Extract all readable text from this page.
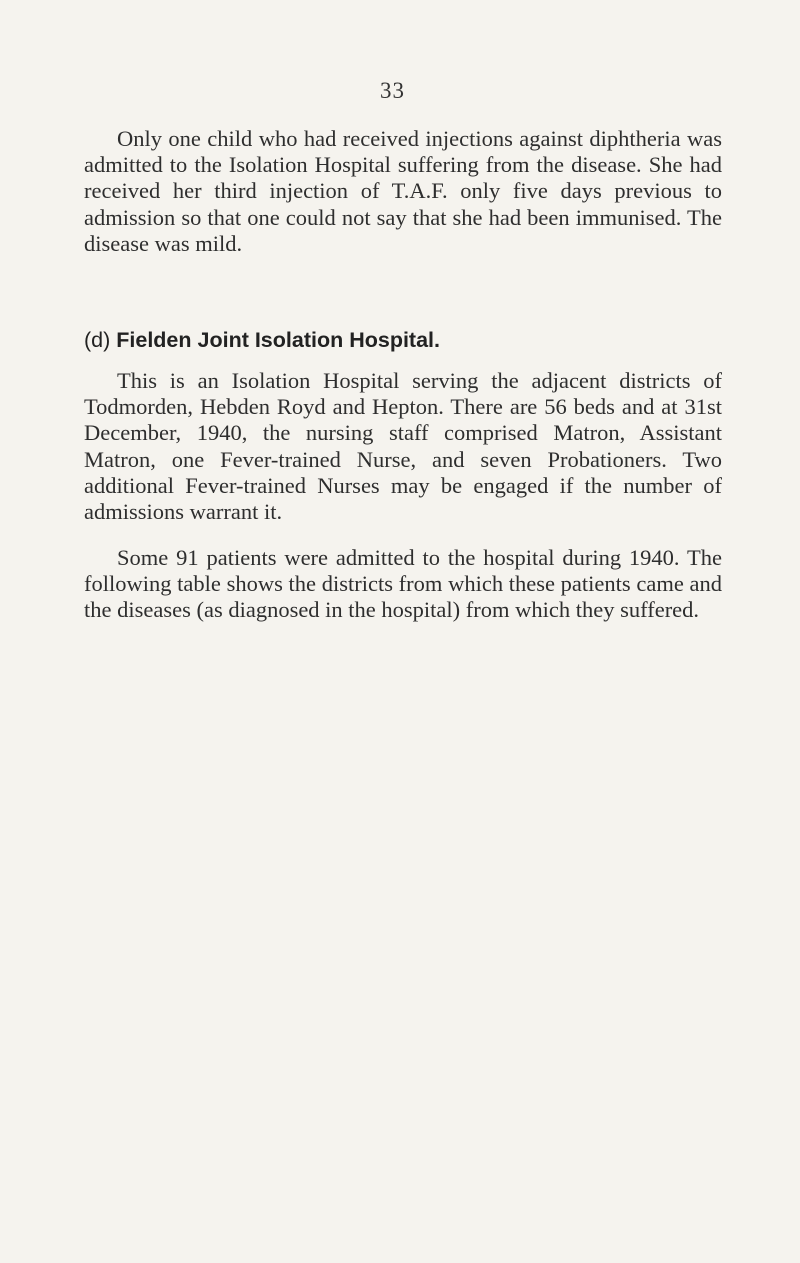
33

Only one child who had received injections against diphtheria was admitted to the Isolation Hospital suffering from the disease. She had received her third injection of T.A.F. only five days previous to admission so that one could not say that she had been immunised. The disease was mild.

(d) Fielden Joint Isolation Hospital.

This is an Isolation Hospital serving the adjacent districts of Todmorden, Hebden Royd and Hepton. There are 56 beds and at 31st December, 1940, the nursing staff comprised Matron, Assistant Matron, one Fever-trained Nurse, and seven Probationers. Two additional Fever-trained Nurses may be engaged if the number of admissions warrant it.

Some 91 patients were admitted to the hospital during 1940. The following table shows the districts from which these patients came and the diseases (as diagnosed in the hospital) from which they suffered.
